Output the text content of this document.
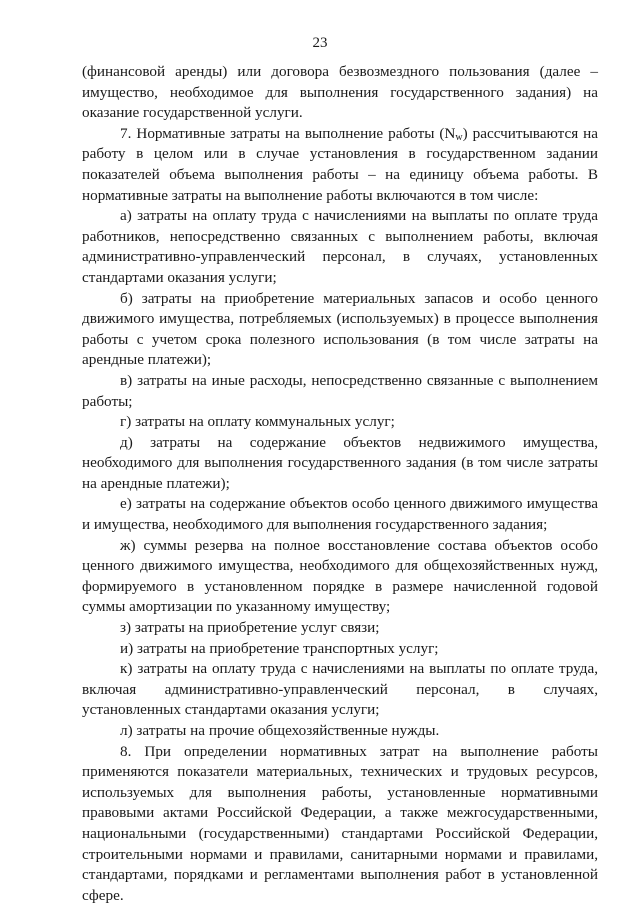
23

(финансовой аренды) или договора безвозмездного пользования (далее – имущество, необходимое для выполнения государственного задания) на оказание государственной услуги.

7. Нормативные затраты на выполнение работы $(N_w)$ рассчитываются на работу в целом или в случае установления в государственном задании показателей объема выполнения работы – на единицу объема работы. В нормативные затраты на выполнение работы включаются в том числе:

а) затраты на оплату труда с начислениями на выплаты по оплате труда работников, непосредственно связанных с выполнением работы, включая административно-управленческий персонал, в случаях, установленных стандартами оказания услуги;

б) затраты на приобретение материальных запасов и особо ценного движимого имущества, потребляемых (используемых) в процессе выполнения работы с учетом срока полезного использования (в том числе затраты на арендные платежи);

в) затраты на иные расходы, непосредственно связанные с выполнением работы;

г) затраты на оплату коммунальных услуг;

д) затраты на содержание объектов недвижимого имущества, необходимого для выполнения государственного задания (в том числе затраты на арендные платежи);

е) затраты на содержание объектов особо ценного движимого имущества и имущества, необходимого для выполнения государственного задания;

ж) суммы резерва на полное восстановление состава объектов особо ценного движимого имущества, необходимого для общехозяйственных нужд, формируемого в установленном порядке в размере начисленной годовой суммы амортизации по указанному имуществу;

з) затраты на приобретение услуг связи;

и) затраты на приобретение транспортных услуг;

к) затраты на оплату труда с начислениями на выплаты по оплате труда, включая административно-управленческий персонал, в случаях, установленных стандартами оказания услуги;

л) затраты на прочие общехозяйственные нужды.

8. При определении нормативных затрат на выполнение работы применяются показатели материальных, технических и трудовых ресурсов, используемых для выполнения работы, установленные нормативными правовыми актами Российской Федерации, а также межгосударственными, национальными (государственными) стандартами Российской Федерации, строительными нормами и правилами, санитарными нормами и правилами, стандартами, порядками и регламентами выполнения работ в установленной сфере.
